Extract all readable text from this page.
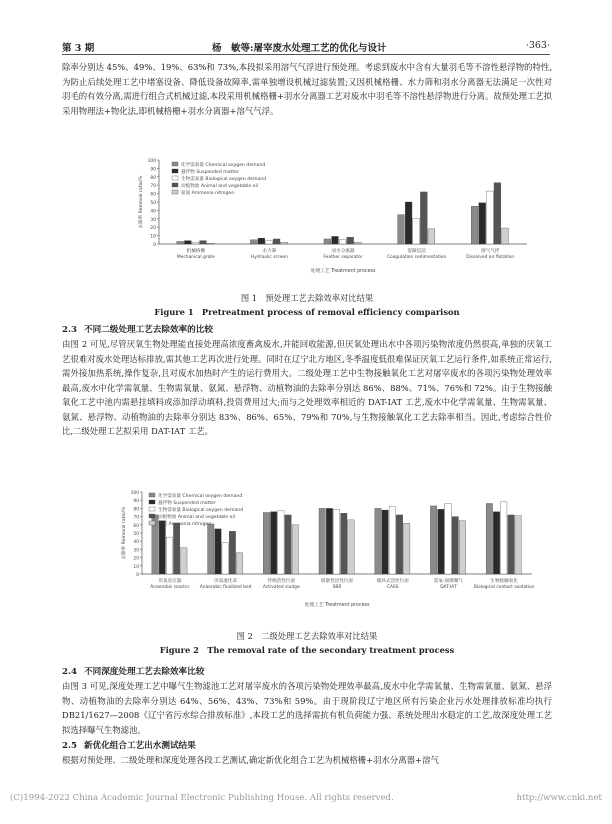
第 3 期	杨　敏等:屠宰废水处理工艺的优化与设计	·363·

除率分别达 45%、49%、19%、63%和 73%,本段拟采用溶气气浮进行预处理。考虑到废水中含有大量羽毛等不溶性悬浮物的特性,为防止后续处理工艺中堵塞设备、降低设备故障率,需单独增设机械过滤装置;又因机械格栅、水力筛和羽水分离器无法满足一次性对羽毛的有效分离,需进行组合式机械过滤,本段采用机械格栅+羽水分离器工艺对废水中羽毛等不溶性悬浮物进行分离。故预处理工艺拟采用物理法+物化法,即机械格栅+羽水分离器+溶气气浮。

0
10
20
30
40
50
60
70
80
90
100
去除率 Removal ratio/%
机械格栅
Mechanical grate
水力筛
Hydraulic screen
羽水分离器
Feather separator
混凝沉淀
Coagulation sedimentation
溶气气浮
Dissolved air flotation
处理工艺 Treatment process
化学需氧量 Chemical oxygen demand
悬浮物 Suspended matter
生物需氧量 Biological oxygen demand
动植物油 Animal and vegetable oil
氨氮 Ammonia nitrogen
图 1　预处理工艺去除效率对比结果
Figure 1　Pretreatment process of removal efficiency comparison
2.3 不同二级处理工艺去除效率的比较

由图 2 可见,尽管厌氧生物处理能直接处理高浓度畜禽废水,并能回收能源,但厌氧处理出水中各项污染物浓度仍然很高,单独的厌氧工艺很难对废水处理达标排放,需其他工艺再次进行处理。同时在辽宁北方地区,冬季温度低很难保证厌氧工艺运行条件,如系统正常运行,需外接加热系统,操作复杂,且对废水加热时产生的运行费用大。二级处理工艺中生物接触氧化工艺对屠宰废水的各项污染物处理效率最高,废水中化学需氧量、生物需氧量、氨氮、悬浮物、动植物油的去除率分别达 86%、88%、71%、76%和 72%。由于生物接触氧化工艺中池内需悬挂填料或添加浮动填料,投资费用过大;而与之处理效率相近的 DAT-IAT 工艺,废水中化学需氧量、生物需氧量、氨氮、悬浮物、动植物油的去除率分别达 83%、86%、65%、79%和 70%,与生物接触氧化工艺去除率相当。因此,考虑综合性价比,二级处理工艺拟采用 DAT-IAT 工艺。

0
10
20
30
40
50
60
70
80
90
100
去除率 Removal ratio/%
厌氧反应器
Anaerobic reactor
厌氧流化床
Anaerobic fluidized bed
传统活性污泥
Activated sludge
间歇性活性污泥
SBR
循环式活性污泥
CASS
需氧-间歇曝气
DAT-IAT
生物接触氧化
Biological contact oxidation
处理工艺 Treatment process
化学需氧量 Chemical oxygen demand
悬浮物 Suspended matter
生物需氧量 Biological oxygen demand
动植物油 Animal and vegetable oil
氨氮 Ammonia nitrogen
图 2　二级处理工艺去除效率对比结果
Figure 2　The removal rate of the secondary treatment process
2.4 不同深度处理工艺去除效率比较

由图 3 可见,深度处理工艺中曝气生物滤池工艺对屠宰废水的各项污染物处理效率最高,废水中化学需氧量、生物需氧量、氨氮、悬浮物、动植物油的去除率分别达 64%、56%、43%、73%和 59%。由于现阶段辽宁地区所有污染企业污水处理排放标准均执行 DB21/1627—2008《辽宁省污水综合排放标准》,本段工艺的选择需抗有机负荷能力强、系统处理出水稳定的工艺,故深度处理工艺拟选择曝气生物滤池。

2.5 新优化组合工艺出水测试结果

根据对预处理、二级处理和深度处理各段工艺测试,确定新优化组合工艺为机械格栅+羽水分离器+溶气

(C)1994-2022 China Academic Journal Electronic Publishing House. All rights reserved.	http://www.cnki.net
